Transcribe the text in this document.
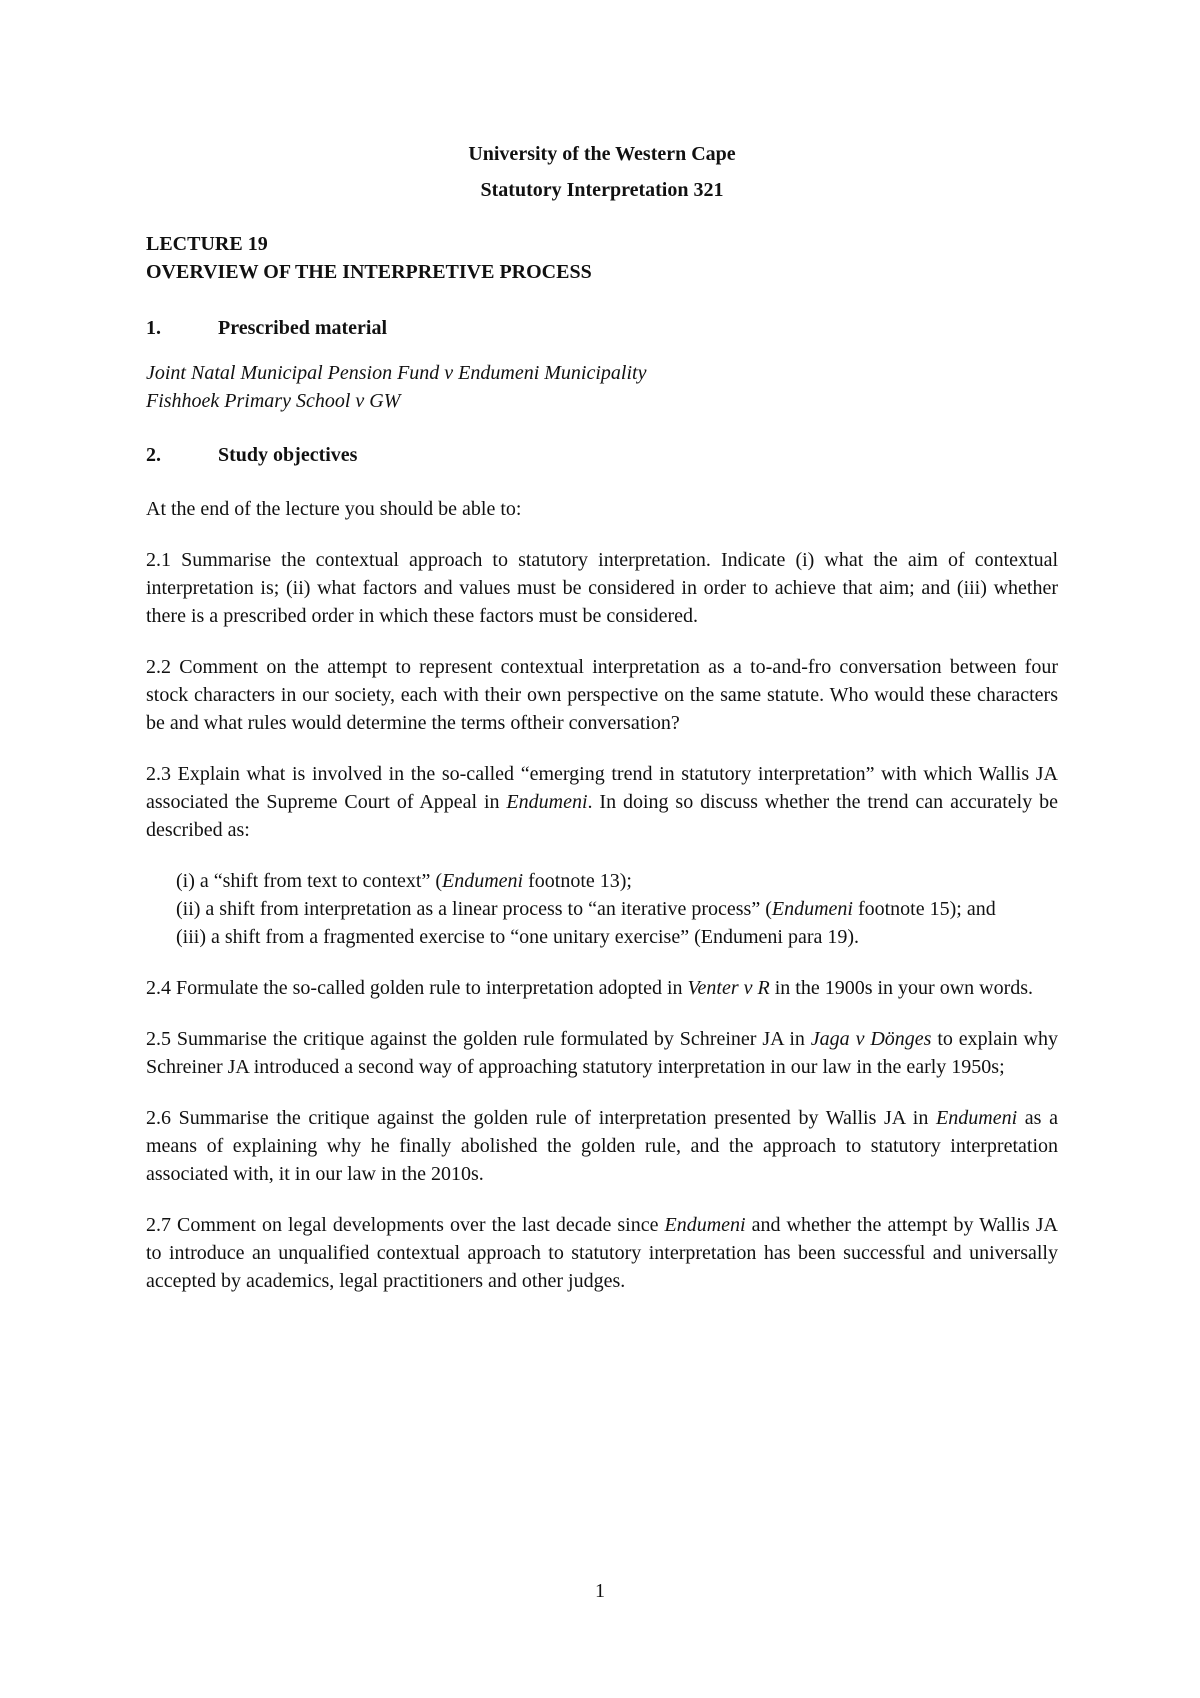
University of the Western Cape
Statutory Interpretation 321
LECTURE 19
OVERVIEW OF THE INTERPRETIVE PROCESS
1.	Prescribed material
Joint Natal Municipal Pension Fund v Endumeni Municipality
Fishhoek Primary School v GW
2.	Study objectives
At the end of the lecture you should be able to:
2.1 Summarise the contextual approach to statutory interpretation. Indicate (i) what the aim of contextual interpretation is; (ii) what factors and values must be considered in order to achieve that aim; and (iii) whether there is a prescribed order in which these factors must be considered.
2.2 Comment on the attempt to represent contextual interpretation as a to-and-fro conversation between four stock characters in our society, each with their own perspective on the same statute. Who would these characters be and what rules would determine the terms oftheir conversation?
2.3 Explain what is involved in the so-called “emerging trend in statutory interpretation” with which Wallis JA associated the Supreme Court of Appeal in Endumeni. In doing so discuss whether the trend can accurately be described as:
(i) a “shift from text to context” (Endumeni footnote 13);
(ii) a shift from interpretation as a linear process to “an iterative process” (Endumeni footnote 15); and
(iii) a shift from a fragmented exercise to “one unitary exercise” (Endumeni para 19).
2.4 Formulate the so-called golden rule to interpretation adopted in Venter v R in the 1900s in your own words.
2.5 Summarise the critique against the golden rule formulated by Schreiner JA in Jaga v Dönges to explain why Schreiner JA introduced a second way of approaching statutory interpretation in our law in the early 1950s;
2.6 Summarise the critique against the golden rule of interpretation presented by Wallis JA in Endumeni as a means of explaining why he finally abolished the golden rule, and the approach to statutory interpretation associated with, it in our law in the 2010s.
2.7 Comment on legal developments over the last decade since Endumeni and whether the attempt by Wallis JA to introduce an unqualified contextual approach to statutory interpretation has been successful and universally accepted by academics, legal practitioners and other judges.
1
